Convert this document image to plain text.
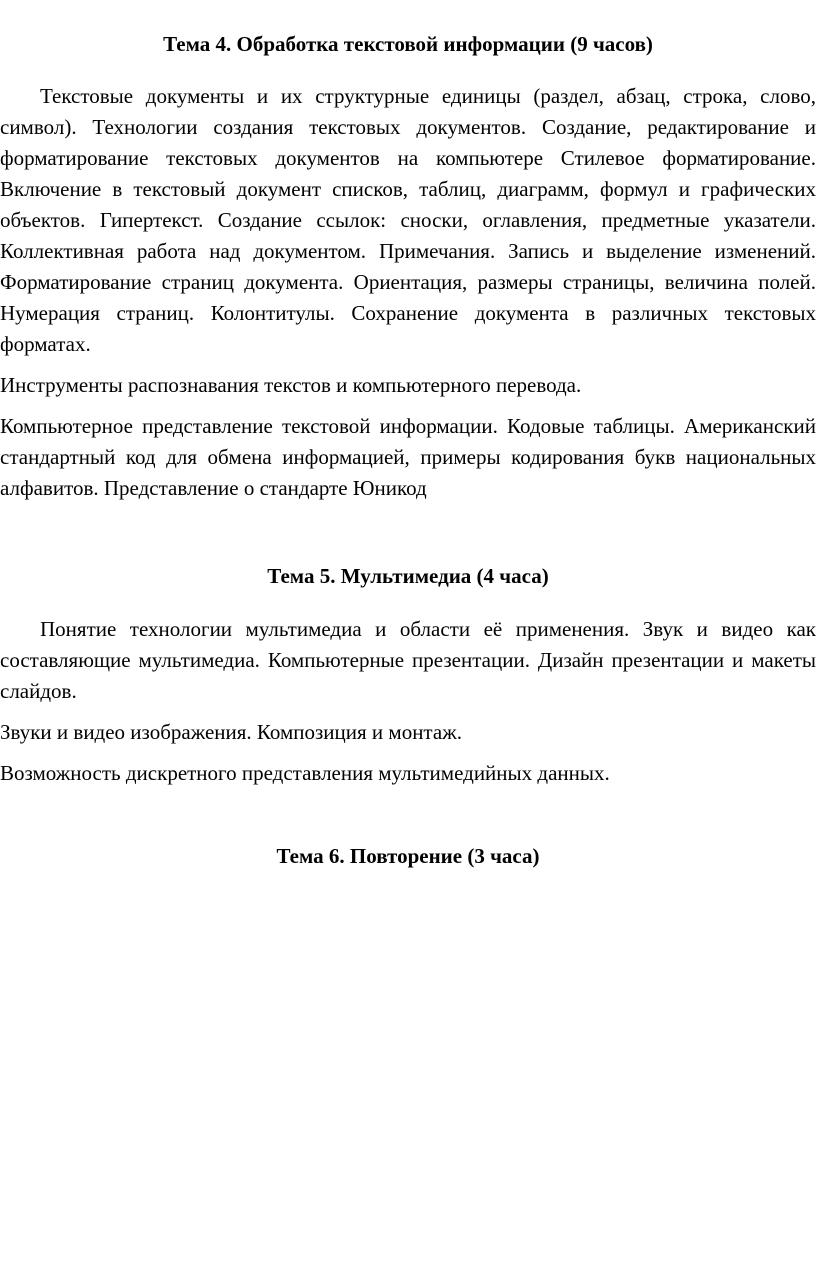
Тема 4. Обработка текстовой информации (9 часов)

Текстовые документы и их структурные единицы (раздел, абзац, строка, слово, символ). Технологии создания текстовых документов. Создание, редактирование и форматирование текстовых документов на компьютере Стилевое форматирование. Включение в текстовый документ списков, таблиц, диаграмм, формул и графических объектов. Гипертекст. Создание ссылок: сноски, оглавления, предметные указатели. Коллективная работа над документом. Примечания. Запись и выделение изменений. Форматирование страниц документа. Ориентация, размеры страницы, величина полей. Нумерация страниц. Колонтитулы. Сохранение документа в различных текстовых форматах.

Инструменты распознавания текстов и компьютерного перевода.

Компьютерное представление текстовой информации. Кодовые таблицы. Американский стандартный код для обмена информацией, примеры кодирования букв национальных алфавитов. Представление о стандарте Юникод

Тема 5. Мультимедиа (4 часа)

Понятие технологии мультимедиа и области её применения. Звук и видео как составляющие мультимедиа. Компьютерные презентации. Дизайн презентации и макеты слайдов.

Звуки и видео изображения. Композиция и монтаж.

Возможность дискретного представления мультимедийных данных.

Тема 6. Повторение (3 часа)
